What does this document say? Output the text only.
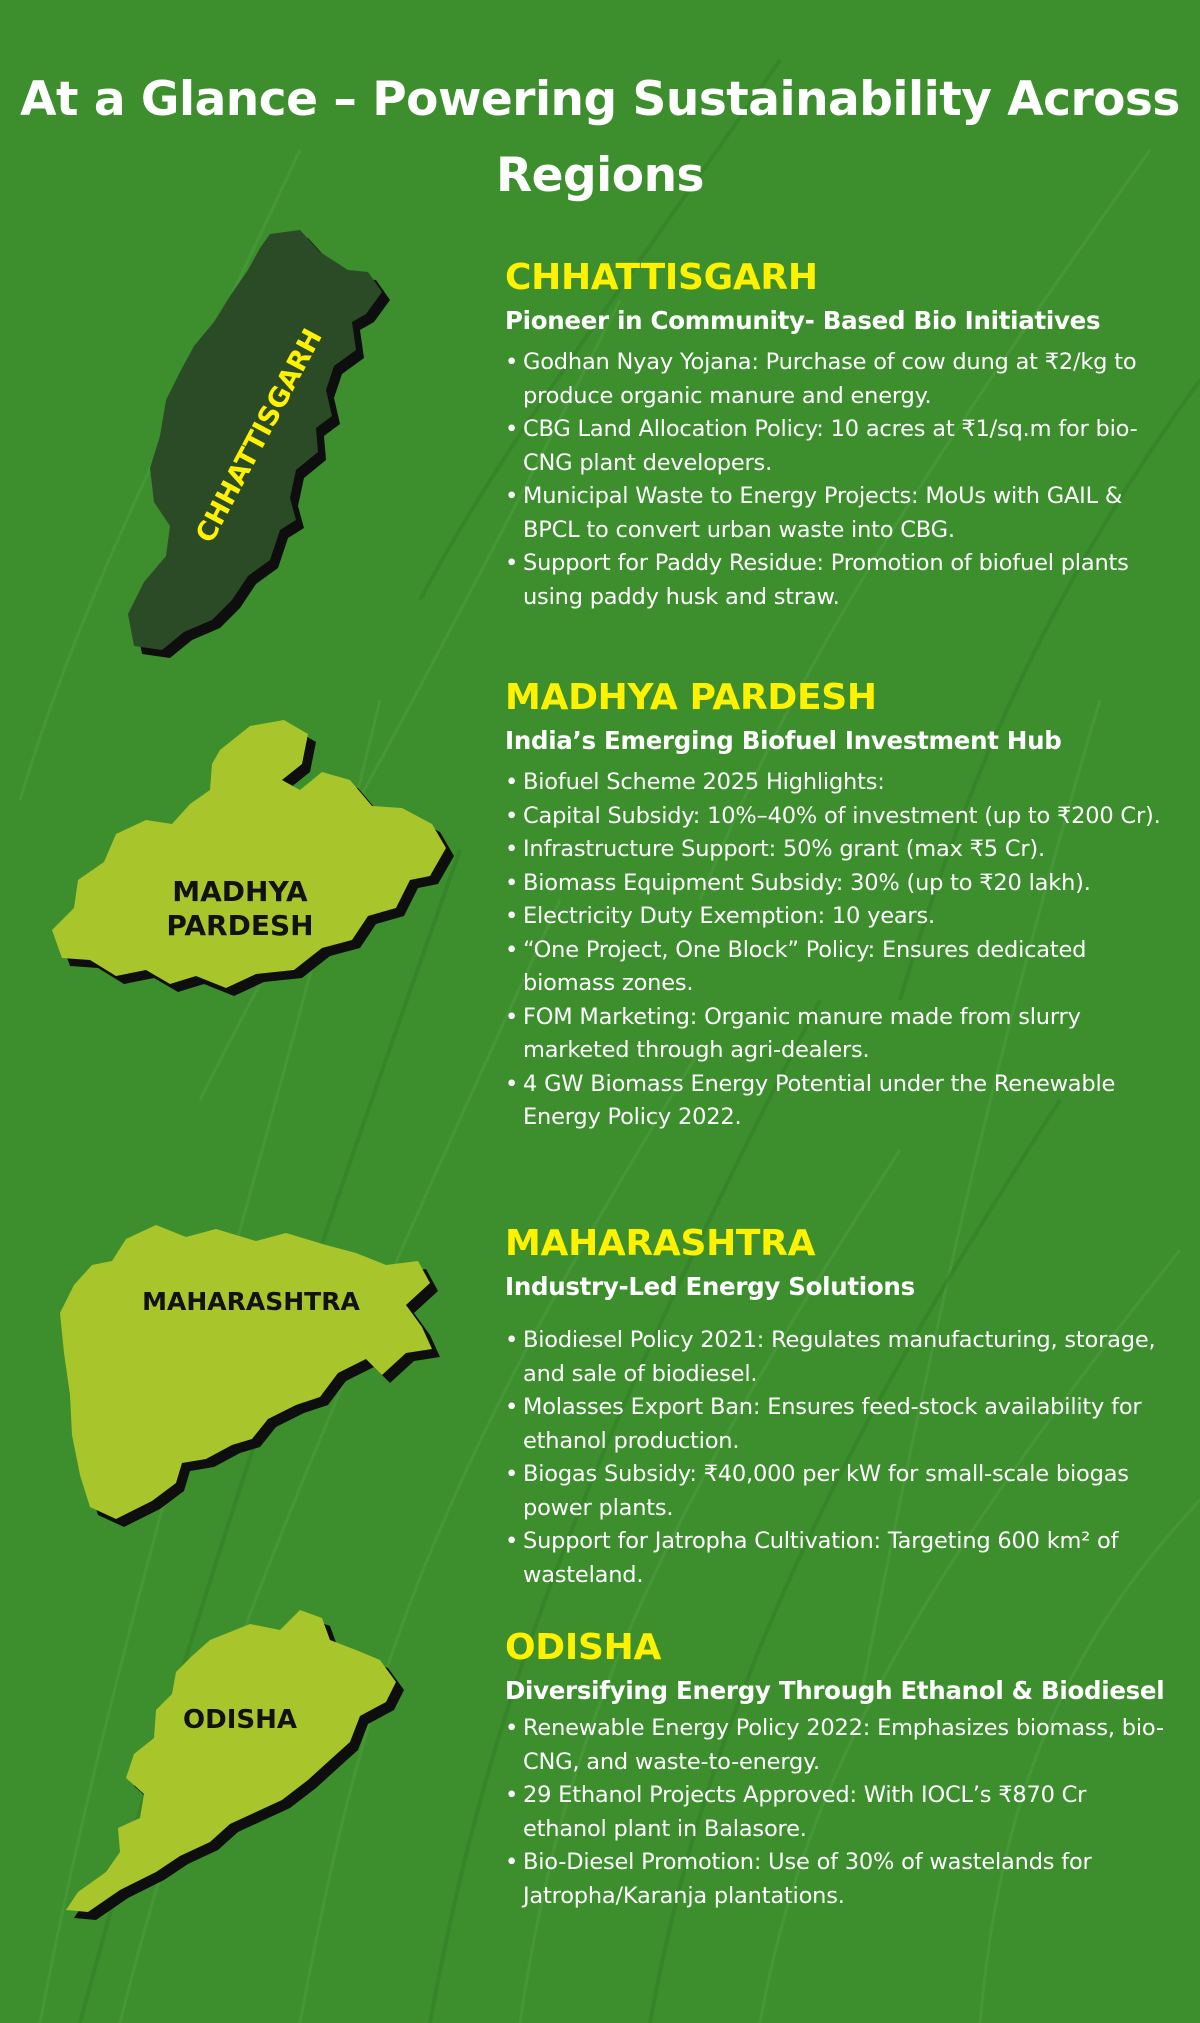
At a Glance – Powering Sustainability Across Regions
CHHATTISGARH
MADHYA PARDESH
MAHARASHTRA
ODISHA
CHHATTISGARH
Pioneer in Community- Based Bio Initiatives
• Godhan Nyay Yojana: Purchase of cow dung at ₹2/kg to produce organic manure and energy.
• CBG Land Allocation Policy: 10 acres at ₹1/sq.m for bio-CNG plant developers.
• Municipal Waste to Energy Projects: MoUs with GAIL & BPCL to convert urban waste into CBG.
• Support for Paddy Residue: Promotion of biofuel plants using paddy husk and straw.
MADHYA PARDESH
India’s Emerging Biofuel Investment Hub
• Biofuel Scheme 2025 Highlights:
• Capital Subsidy: 10%–40% of investment (up to ₹200 Cr).
• Infrastructure Support: 50% grant (max ₹5 Cr).
• Biomass Equipment Subsidy: 30% (up to ₹20 lakh).
• Electricity Duty Exemption: 10 years.
• “One Project, One Block” Policy: Ensures dedicated biomass zones.
• FOM Marketing: Organic manure made from slurry marketed through agri-dealers.
• 4 GW Biomass Energy Potential under the Renewable Energy Policy 2022.
MAHARASHTRA
Industry-Led Energy Solutions
• Biodiesel Policy 2021: Regulates manufacturing, storage, and sale of biodiesel.
• Molasses Export Ban: Ensures feed-stock availability for ethanol production.
• Biogas Subsidy: ₹40,000 per kW for small-scale biogas power plants.
• Support for Jatropha Cultivation: Targeting 600 km² of wasteland.
ODISHA
Diversifying Energy Through Ethanol & Biodiesel
• Renewable Energy Policy 2022: Emphasizes biomass, bio-CNG, and waste-to-energy.
• 29 Ethanol Projects Approved: With IOCL’s ₹870 Cr ethanol plant in Balasore.
• Bio-Diesel Promotion: Use of 30% of wastelands for Jatropha/Karanja plantations.
